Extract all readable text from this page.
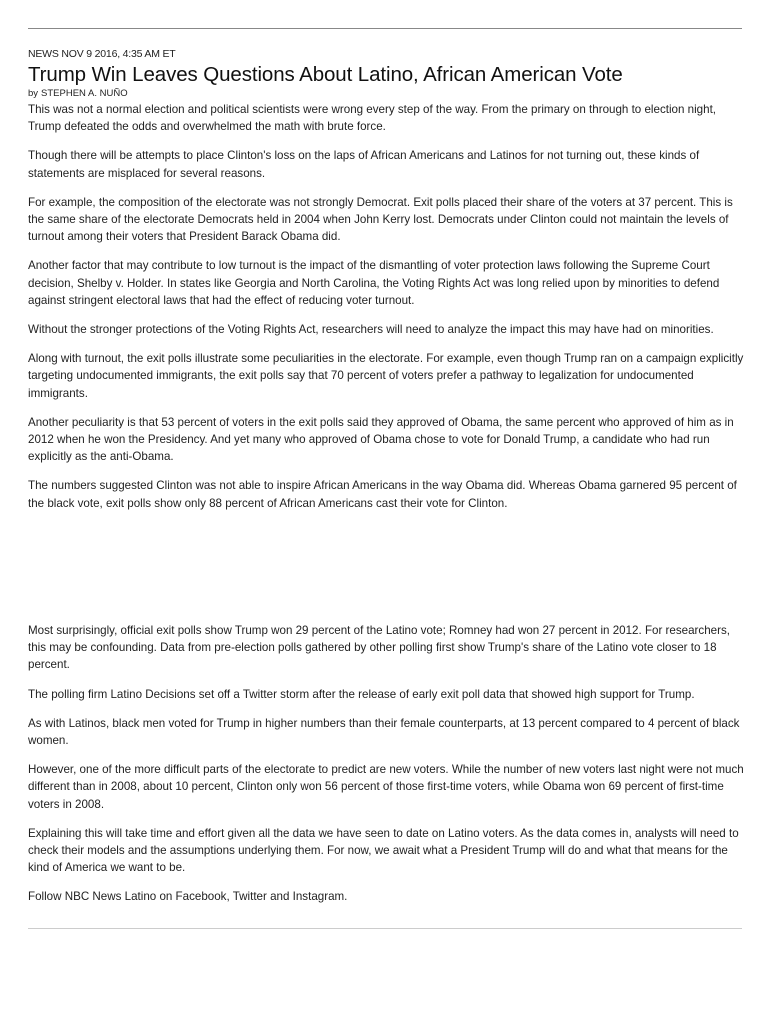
NEWS NOV 9 2016, 4:35 AM ET
Trump Win Leaves Questions About Latino, African American Vote
by STEPHEN A. NUÑO

This was not a normal election and political scientists were wrong every step of the way. From the primary on through to election night, Trump defeated the odds and overwhelmed the math with brute force.

Though there will be attempts to place Clinton's loss on the laps of African Americans and Latinos for not turning out, these kinds of statements are misplaced for several reasons.

For example, the composition of the electorate was not strongly Democrat. Exit polls placed their share of the voters at 37 percent. This is the same share of the electorate Democrats held in 2004 when John Kerry lost. Democrats under Clinton could not maintain the levels of turnout among their voters that President Barack Obama did.

Another factor that may contribute to low turnout is the impact of the dismantling of voter protection laws following the Supreme Court decision, Shelby v. Holder. In states like Georgia and North Carolina, the Voting Rights Act was long relied upon by minorities to defend against stringent electoral laws that had the effect of reducing voter turnout.

Without the stronger protections of the Voting Rights Act, researchers will need to analyze the impact this may have had on minorities.

Along with turnout, the exit polls illustrate some peculiarities in the electorate. For example, even though Trump ran on a campaign explicitly targeting undocumented immigrants, the exit polls say that 70 percent of voters prefer a pathway to legalization for undocumented immigrants.

Another peculiarity is that 53 percent of voters in the exit polls said they approved of Obama, the same percent who approved of him as in 2012 when he won the Presidency. And yet many who approved of Obama chose to vote for Donald Trump, a candidate who had run explicitly as the anti-Obama.

The numbers suggested Clinton was not able to inspire African Americans in the way Obama did. Whereas Obama garnered 95 percent of the black vote, exit polls show only 88 percent of African Americans cast their vote for Clinton.

Most surprisingly, official exit polls show Trump won 29 percent of the Latino vote; Romney had won 27 percent in 2012. For researchers, this may be confounding. Data from pre-election polls gathered by other polling first show Trump's share of the Latino vote closer to 18 percent.

The polling firm Latino Decisions set off a Twitter storm after the release of early exit poll data that showed high support for Trump.

As with Latinos, black men voted for Trump in higher numbers than their female counterparts, at 13 percent compared to 4 percent of black women.

However, one of the more difficult parts of the electorate to predict are new voters. While the number of new voters last night were not much different than in 2008, about 10 percent, Clinton only won 56 percent of those first-time voters, while Obama won 69 percent of first-time voters in 2008.

Explaining this will take time and effort given all the data we have seen to date on Latino voters. As the data comes in, analysts will need to check their models and the assumptions underlying them. For now, we await what a President Trump will do and what that means for the kind of America we want to be.

Follow NBC News Latino on Facebook, Twitter and Instagram.
